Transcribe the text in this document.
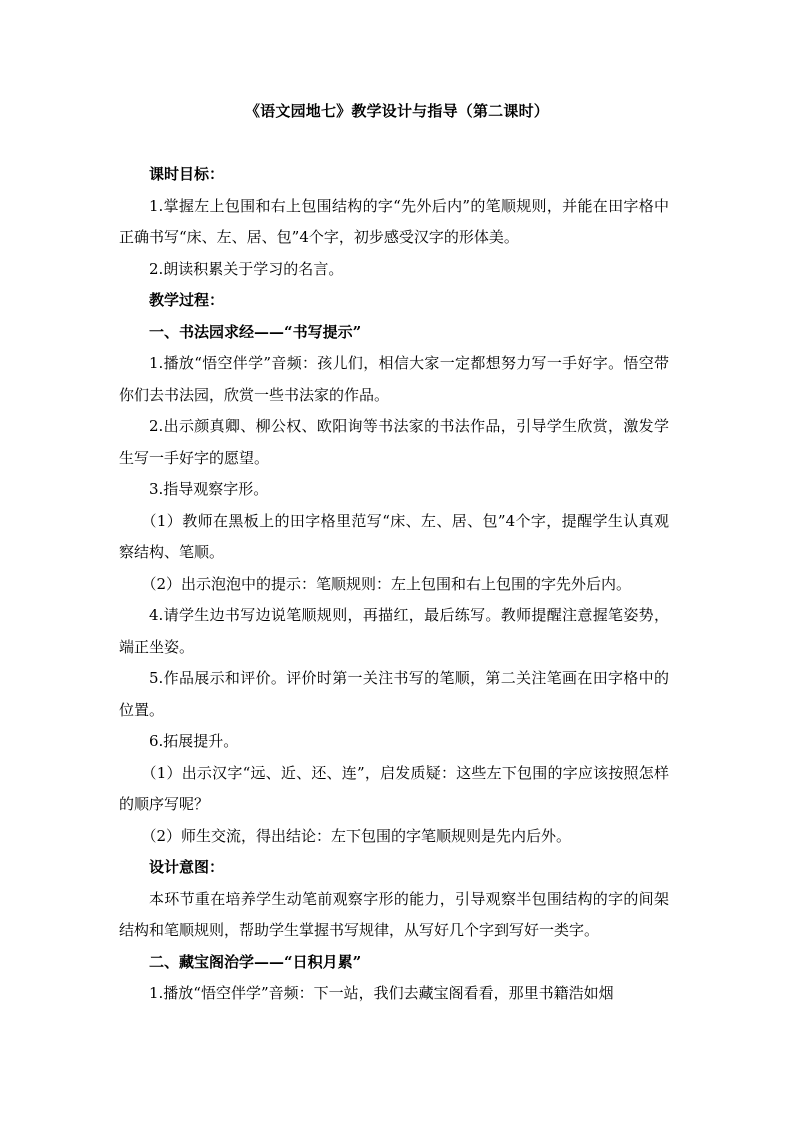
《语文园地七》教学设计与指导（第二课时）

课时目标：

1.掌握左上包围和右上包围结构的字“先外后内”的笔顺规则，并能在田字格中正确书写“床、左、居、包”4个字，初步感受汉字的形体美。

2.朗读积累关于学习的名言。

教学过程：

一、书法园求经——“书写提示”

1.播放“悟空伴学”音频：孩儿们，相信大家一定都想努力写一手好字。悟空带你们去书法园，欣赏一些书法家的作品。

2.出示颜真卿、柳公权、欧阳询等书法家的书法作品，引导学生欣赏，激发学生写一手好字的愿望。

3.指导观察字形。

（1）教师在黑板上的田字格里范写“床、左、居、包”4个字，提醒学生认真观察结构、笔顺。

（2）出示泡泡中的提示：笔顺规则：左上包围和右上包围的字先外后内。

4.请学生边书写边说笔顺规则，再描红，最后练写。教师提醒注意握笔姿势，端正坐姿。

5.作品展示和评价。评价时第一关注书写的笔顺，第二关注笔画在田字格中的位置。

6.拓展提升。

（1）出示汉字“远、近、还、连”，启发质疑：这些左下包围的字应该按照怎样的顺序写呢？

（2）师生交流，得出结论：左下包围的字笔顺规则是先内后外。

设计意图：

本环节重在培养学生动笔前观察字形的能力，引导观察半包围结构的字的间架结构和笔顺规则，帮助学生掌握书写规律，从写好几个字到写好一类字。

二、藏宝阁治学——“日积月累”

1.播放“悟空伴学”音频：下一站，我们去藏宝阁看看，那里书籍浩如烟
